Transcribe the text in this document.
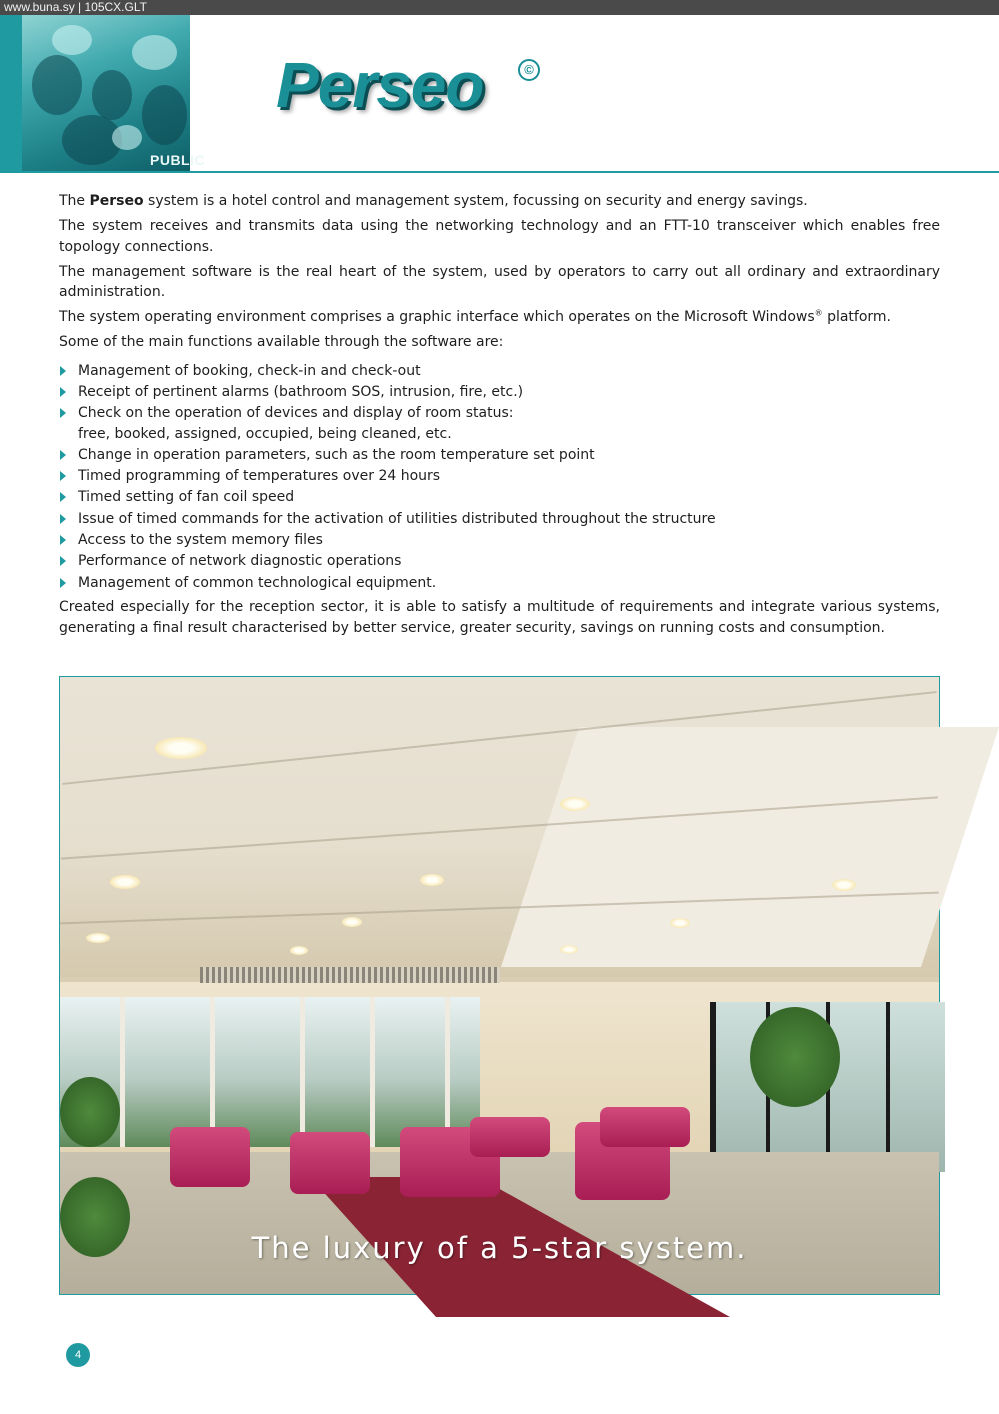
www.buna.sy | 105CX.GLT
PUBLIC
Perseo	©

The Perseo system is a hotel control and management system, focussing on security and energy savings.

The system receives and transmits data using the networking technology and an FTT-10 transceiver which enables free topology connections.

The management software is the real heart of the system, used by operators to carry out all ordinary and extraordinary administration.

The system operating environment comprises a graphic interface which operates on the Microsoft Windows® platform.

Some of the main functions available through the software are:

Management of booking, check-in and check-out
Receipt of pertinent alarms (bathroom SOS, intrusion, fire, etc.)
Check on the operation of devices and display of room status:
free, booked, assigned, occupied, being cleaned, etc.
Change in operation parameters, such as the room temperature set point
Timed programming of temperatures over 24 hours
Timed setting of fan coil speed
Issue of timed commands for the activation of utilities distributed throughout the structure
Access to the system memory files
Performance of network diagnostic operations
Management of common technological equipment.

Created especially for the reception sector, it is able to satisfy a multitude of requirements and integrate various systems, generating a final result characterised by better service, greater security, savings on running costs and consumption.

The luxury of a 5-star system.
4
